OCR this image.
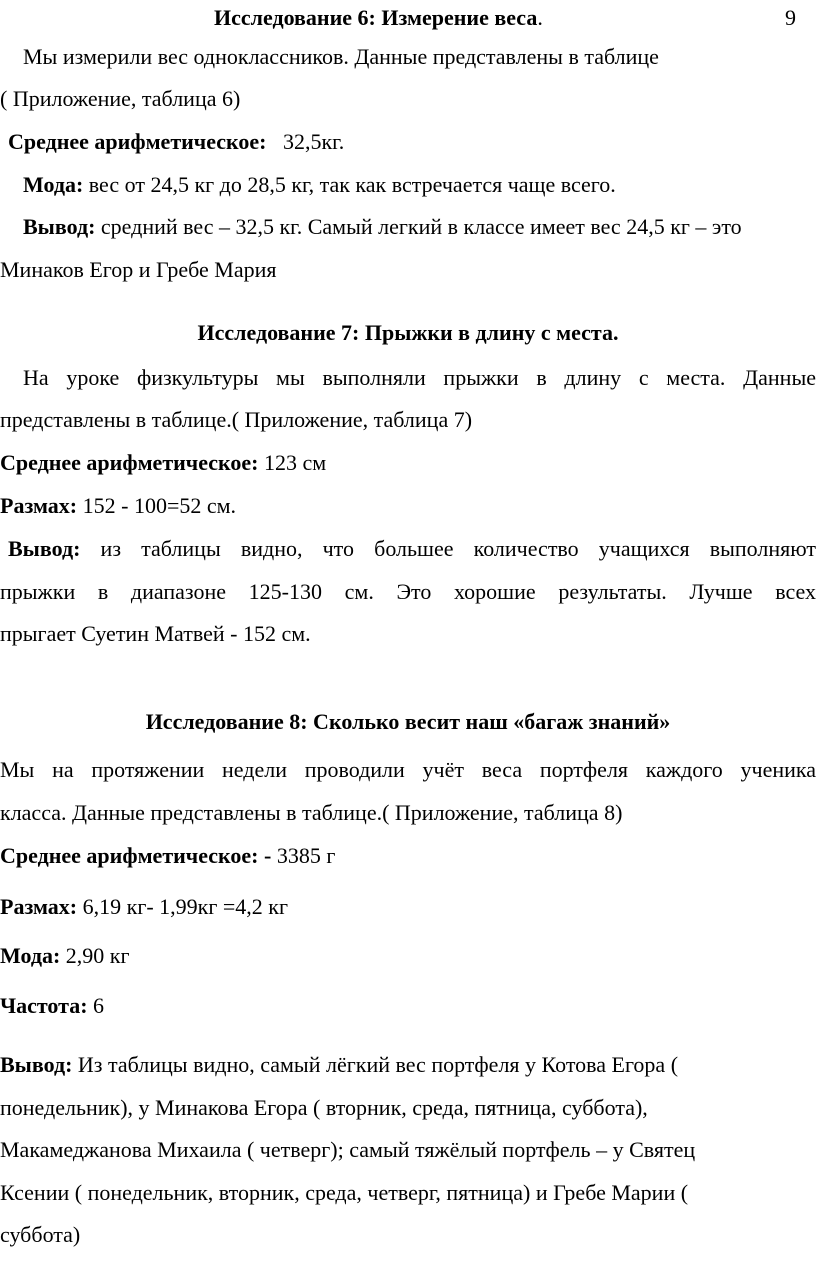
9
Исследование 6: Измерение веса.
Мы измерили вес одноклассников. Данные представлены в таблице
( Приложение, таблица 6)
Среднее арифметическое: 32,5кг.
Мода: вес от 24,5 кг до 28,5 кг, так как встречается чаще всего.
Вывод: средний вес – 32,5 кг. Самый легкий в классе имеет вес 24,5 кг – это
Минаков Егор и Гребе Мария
Исследование 7: Прыжки в длину с места.
На уроке физкультуры мы выполняли прыжки в длину с места. Данные
представлены в таблице.( Приложение, таблица 7)
Среднее арифметическое: 123 см
Размах: 152 - 100=52 см.
Вывод: из таблицы видно, что большее количество учащихся выполняют
прыжки в диапазоне 125-130 см. Это хорошие результаты. Лучше всех
прыгает Суетин Матвей - 152 см.
Исследование 8: Сколько весит наш «багаж знаний»
Мы на протяжении недели проводили учёт веса портфеля каждого ученика
класса. Данные представлены в таблице.( Приложение, таблица 8)
Среднее арифметическое: - 3385 г
Размах: 6,19 кг- 1,99кг =4,2 кг
Мода: 2,90 кг
Частота: 6
Вывод: Из таблицы видно, самый лёгкий вес портфеля у Котова Егора (
понедельник), у Минакова Егора ( вторник, среда, пятница, суббота),
Макамеджанова Михаила ( четверг); самый тяжёлый портфель – у Святец
Ксении ( понедельник, вторник, среда, четверг, пятница) и Гребе Марии (
суббота)
